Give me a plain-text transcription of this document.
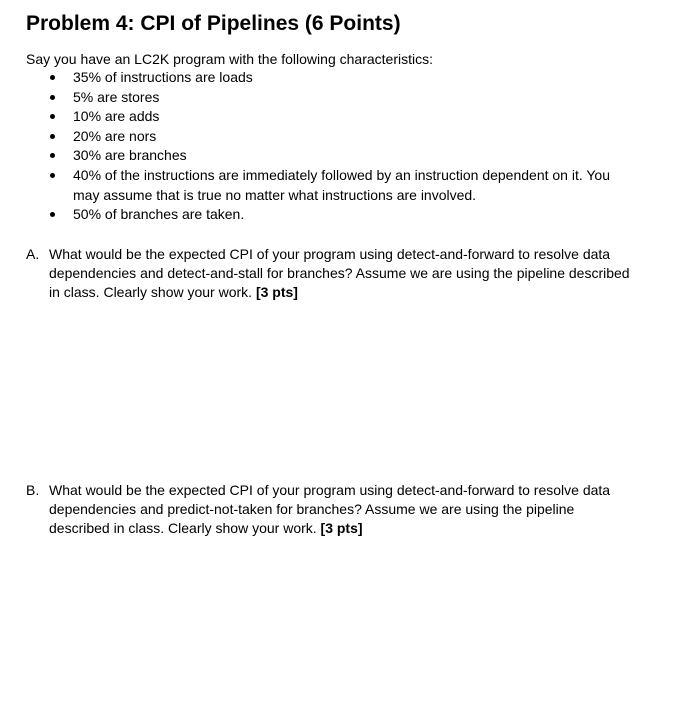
Problem 4: CPI of Pipelines (6 Points)

Say you have an LC2K program with the following characteristics:

35% of instructions are loads
5% are stores
10% are adds
20% are nors
30% are branches
40% of the instructions are immediately followed by an instruction dependent on it. You may assume that is true no matter what instructions are involved.
50% of branches are taken.
A. What would be the expected CPI of your program using detect-and-forward to resolve data dependencies and detect-and-stall for branches? Assume we are using the pipeline described in class. Clearly show your work. [3 pts]
B. What would be the expected CPI of your program using detect-and-forward to resolve data dependencies and predict-not-taken for branches? Assume we are using the pipeline described in class. Clearly show your work. [3 pts]
